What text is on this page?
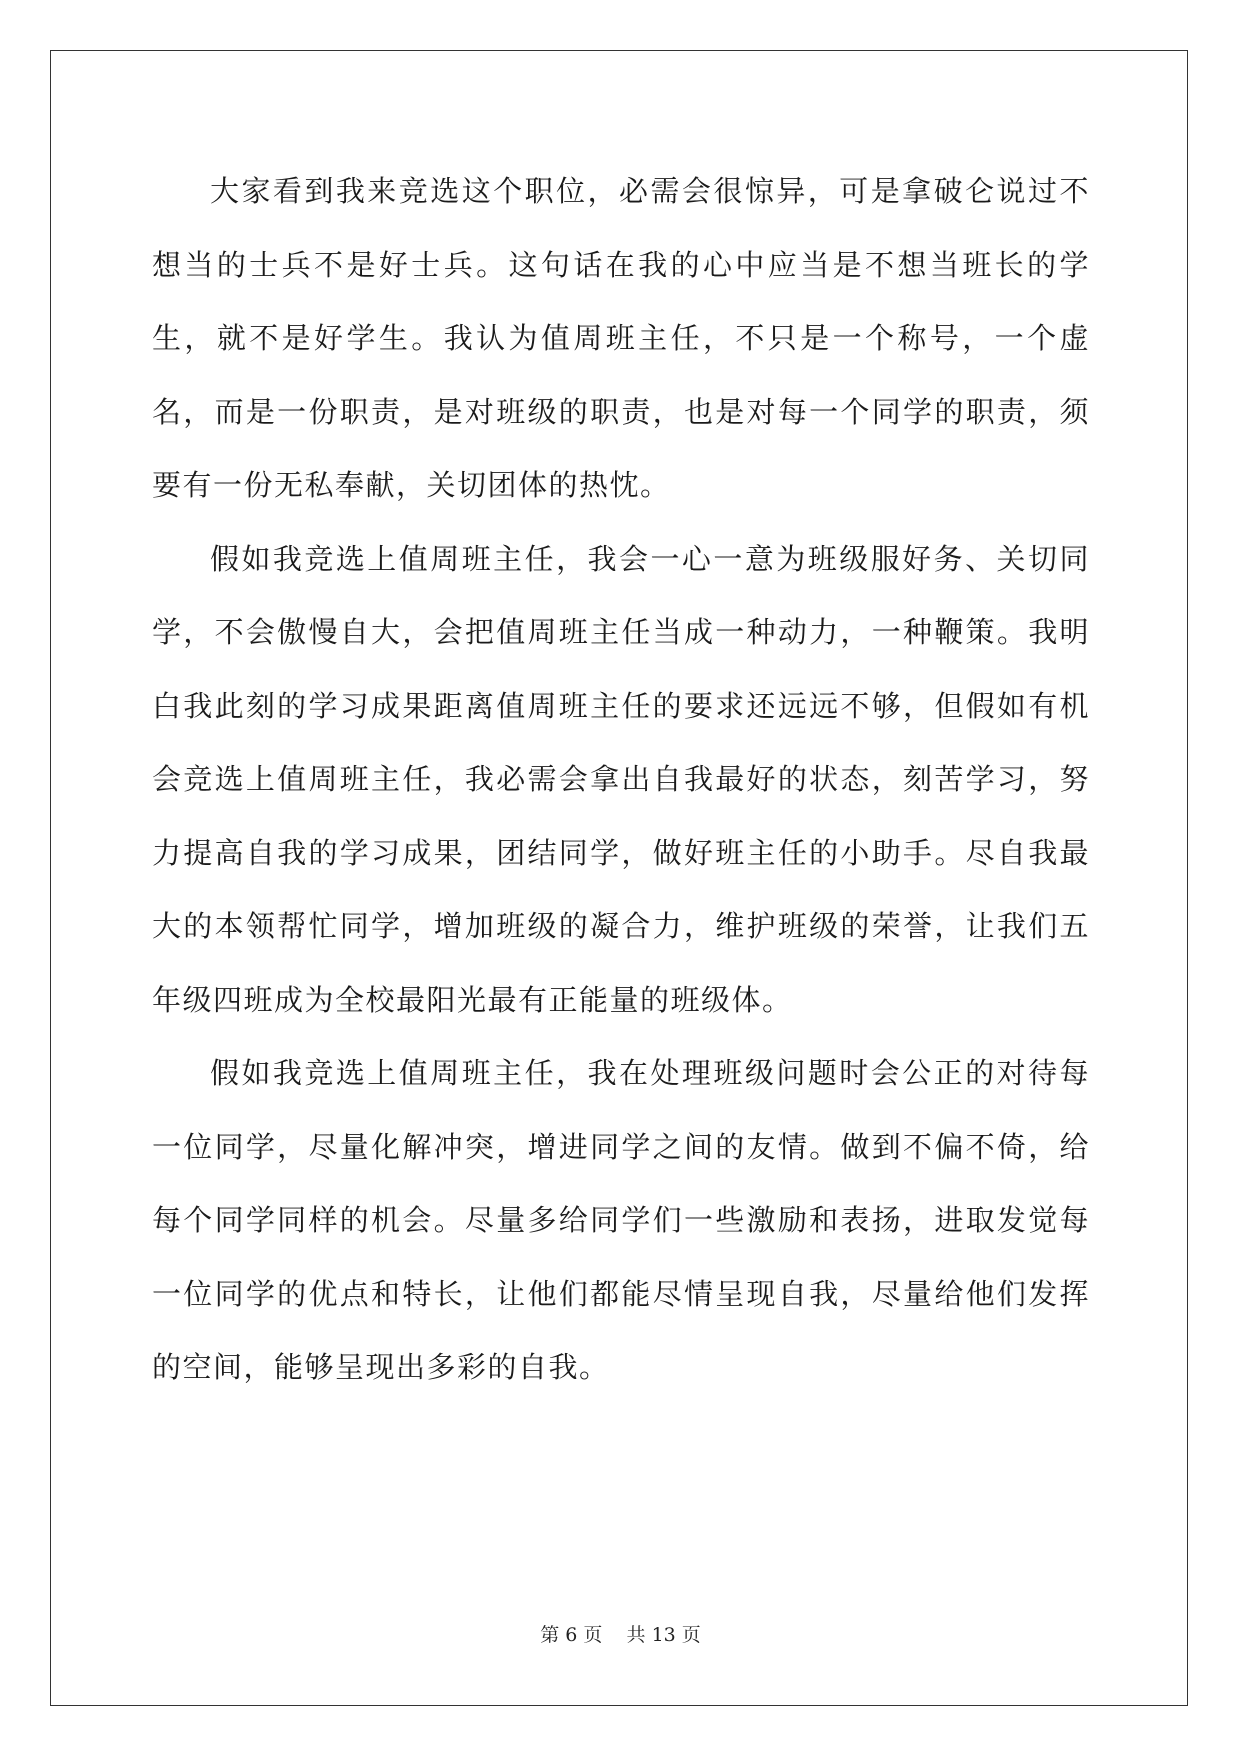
大家看到我来竞选这个职位，必需会很惊异，可是拿破仑说过不想当的士兵不是好士兵。这句话在我的心中应当是不想当班长的学生，就不是好学生。我认为值周班主任，不只是一个称号，一个虚名，而是一份职责，是对班级的职责，也是对每一个同学的职责，须要有一份无私奉献，关切团体的热忱。

假如我竞选上值周班主任，我会一心一意为班级服好务、关切同学，不会傲慢自大，会把值周班主任当成一种动力，一种鞭策。我明白我此刻的学习成果距离值周班主任的要求还远远不够，但假如有机会竞选上值周班主任，我必需会拿出自我最好的状态，刻苦学习，努力提高自我的学习成果，团结同学，做好班主任的小助手。尽自我最大的本领帮忙同学，增加班级的凝合力，维护班级的荣誉，让我们五年级四班成为全校最阳光最有正能量的班级体。

假如我竞选上值周班主任，我在处理班级问题时会公正的对待每一位同学，尽量化解冲突，增进同学之间的友情。做到不偏不倚，给每个同学同样的机会。尽量多给同学们一些激励和表扬，进取发觉每一位同学的优点和特长，让他们都能尽情呈现自我，尽量给他们发挥的空间，能够呈现出多彩的自我。

第 6 页 共 13 页
